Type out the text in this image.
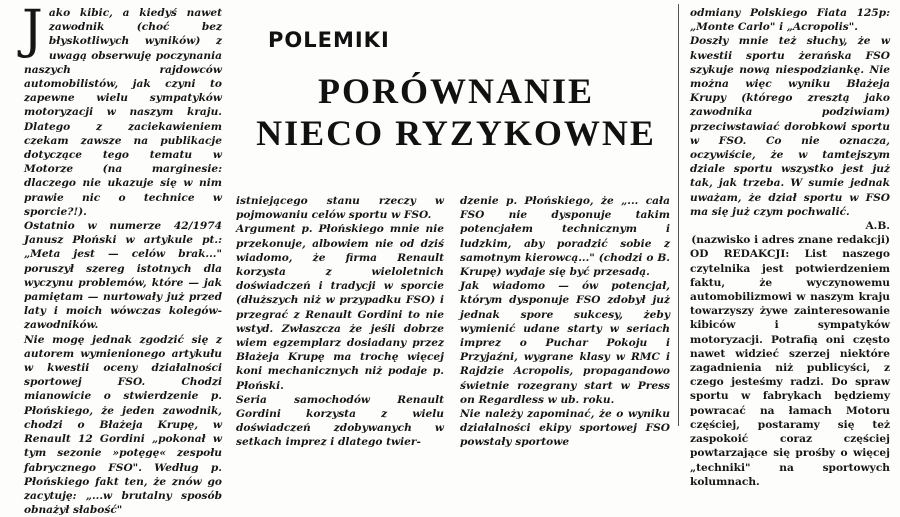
J ako kibic, a kiedyś nawet zawodnik (choć bez błyskotliwych wyników) z uwagą obserwuję poczynania naszych rajdowców automobilistów, jak czyni to zapewne wielu sympatyków motoryzacji w naszym kraju. Dlatego z zaciekawieniem czekam zawsze na publikacje dotyczące tego tematu w Motorze (na marginesie: dlaczego nie ukazuje się w nim prawie nic o technice w sporcie?!).

Ostatnio w numerze 42/1974 Janusz Płoński w artykule pt.: „Meta jest — celów brak..." poruszył szereg istotnych dla wyczynu problemów, które — jak pamiętam — nurtowały już przed laty i moich wówczas kolegów-zawodników.

Nie mogę jednak zgodzić się z autorem wymienionego artykułu w kwestii oceny działalności sportowej FSO. Chodzi mianowicie o stwierdzenie p. Płońskiego, że jeden zawodnik, chodzi o Błażeja Krupę, w Renault 12 Gordini „pokonał w tym sezonie »potęgę« zespołu fabrycznego FSO". Według p. Płońskiego fakt ten, że znów go zacytuję: „...w brutalny sposób obnażył słabość"

POLEMIKI
PORÓWNANIE
NIECO RYZYKOWNE

istniejącego stanu rzeczy w pojmowaniu celów sportu w FSO.

Argument p. Płońskiego mnie nie przekonuje, albowiem nie od dziś wiadomo, że firma Renault korzysta z wieloletnich doświadczeń i tradycji w sporcie (dłuższych niż w przypadku FSO) i przegrać z Renault Gordini to nie wstyd. Zwłaszcza że jeśli dobrze wiem egzemplarz dosiadany przez Błażeja Krupę ma trochę więcej koni mechanicznych niż podaje p. Płoński.

Seria samochodów Renault Gordini korzysta z wielu doświadczeń zdobywanych w setkach imprez i dlatego twier-

dzenie p. Płońskiego, że „... cała FSO nie dysponuje takim potencjałem technicznym i ludzkim, aby poradzić sobie z samotnym kierowcą..." (chodzi o B. Krupę) wydaje się być przesadą.

Jak wiadomo — ów potencjał, którym dysponuje FSO zdobył już jednak spore sukcesy, żeby wymienić udane starty w seriach imprez o Puchar Pokoju i Przyjaźni, wygrane klasy w RMC i Rajdzie Acropolis, propagandowo świetnie rozegrany start w Press on Regardless w ub. roku.

Nie należy zapominać, że o wyniku działalności ekipy sportowej FSO powstały sportowe

odmiany Polskiego Fiata 125p: „Monte Carlo" i „Acropolis".

Doszły mnie też słuchy, że w kwestii sportu żerańska FSO szykuje nową niespodziankę. Nie można więc wyniku Błażeja Krupy (którego zresztą jako zawodnika podziwiam) przeciwstawiać dorobkowi sportu w FSO. Co nie oznacza, oczywiście, że w tamtejszym dziale sportu wszystko jest już tak, jak trzeba. W sumie jednak uważam, że dział sportu w FSO ma się już czym pochwalić.

A.B.

(nazwisko i adres znane redakcji)

OD REDAKCJI: List naszego czytelnika jest potwierdzeniem faktu, że wyczynowemu automobilizmowi w naszym kraju towarzyszy żywe zainteresowanie kibiców i sympatyków motoryzacji. Potrafią oni często nawet widzieć szerzej niektóre zagadnienia niż publicyści, z czego jesteśmy radzi. Do spraw sportu w fabrykach będziemy powracać na łamach Motoru częściej, postaramy się też zaspokoić coraz częściej powtarzające się prośby o więcej „techniki" na sportowych kolumnach.
